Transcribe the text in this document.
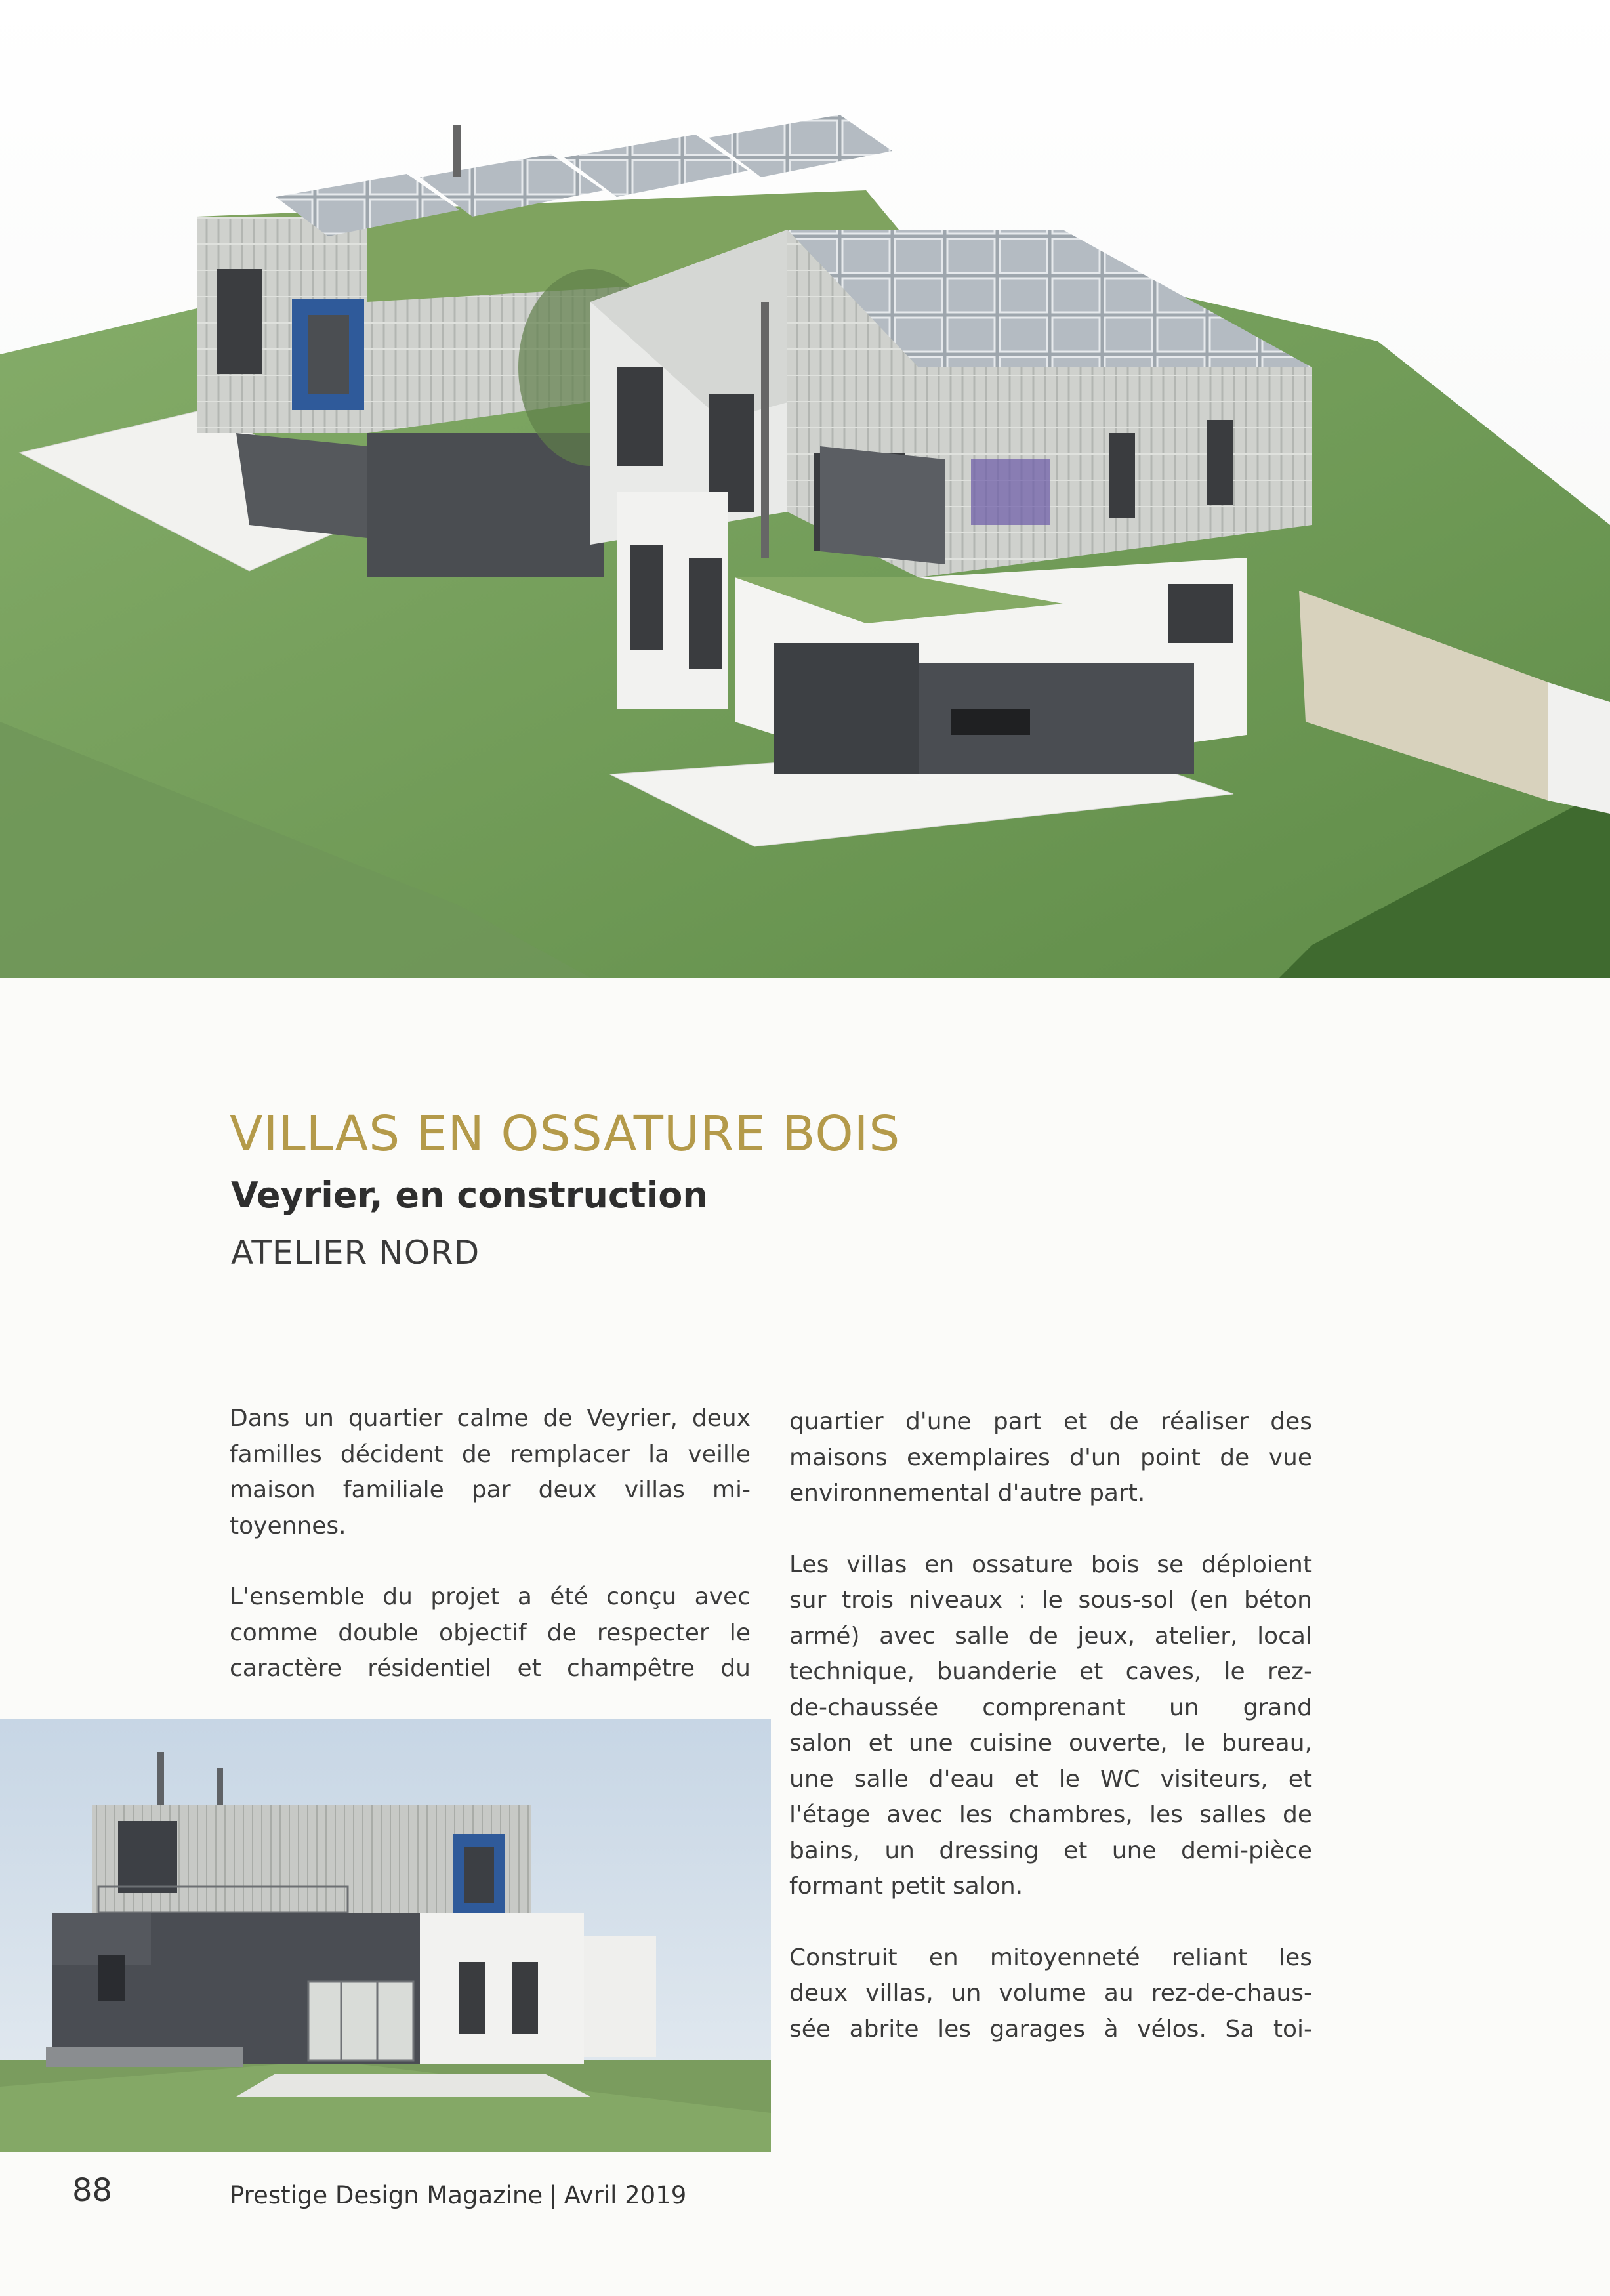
VILLAS EN OSSATURE BOIS
Veyrier, en construction
ATELIER NORD

Dans un quartier calme de Veyrier, deux
familles décident de remplacer la veille
maison familiale par deux villas mi-
toyennes.

L'ensemble du projet a été conçu avec
comme double objectif de respecter le
caractère résidentiel et champêtre du

quartier d'une part et de réaliser des
maisons exemplaires d'un point de vue
environnemental d'autre part.

Les villas en ossature bois se déploient
sur trois niveaux : le sous-sol (en béton
armé) avec salle de jeux, atelier, local
technique, buanderie et caves, le rez-
de-chaussée comprenant un grand
salon et une cuisine ouverte, le bureau,
une salle d'eau et le WC visiteurs, et
l'étage avec les chambres, les salles de
bains, un dressing et une demi-pièce
formant petit salon.

Construit en mitoyenneté reliant les
deux villas, un volume au rez-de-chaus-
sée abrite les garages à vélos. Sa toi-

88	Prestige Design Magazine | Avril 2019
